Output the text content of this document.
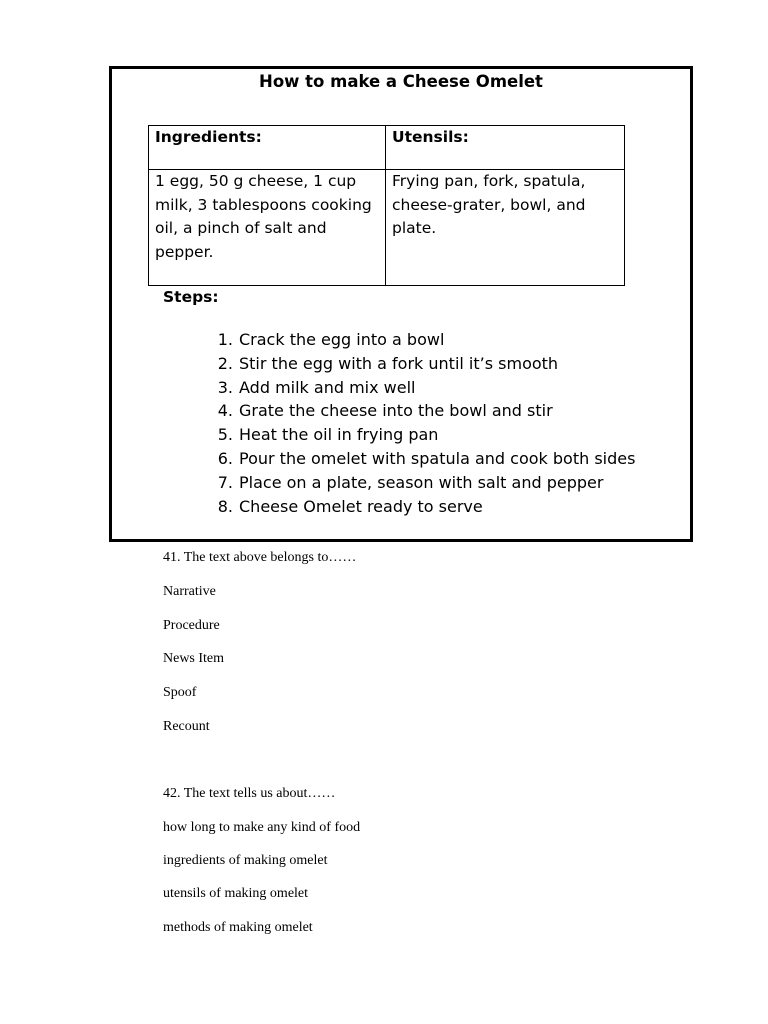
How to make a Cheese Omelet
Ingredients:	Utensils:
1 egg, 50 g cheese, 1 cup milk, 3 tablespoons cooking oil, a pinch of salt and pepper.	Frying pan, fork, spatula, cheese-grater, bowl, and plate.
Steps:
1. Crack the egg into a bowl
2. Stir the egg with a fork until it’s smooth
3. Add milk and mix well
4. Grate the cheese into the bowl and stir
5. Heat the oil in frying pan
6. Pour the omelet with spatula and cook both sides
7. Place on a plate, season with salt and pepper
8. Cheese Omelet ready to serve
41. The text above belongs to……
Narrative
Procedure
News Item
Spoof
Recount
42. The text tells us about……
how long to make any kind of food
ingredients of making omelet
utensils of making omelet
methods of making omelet
